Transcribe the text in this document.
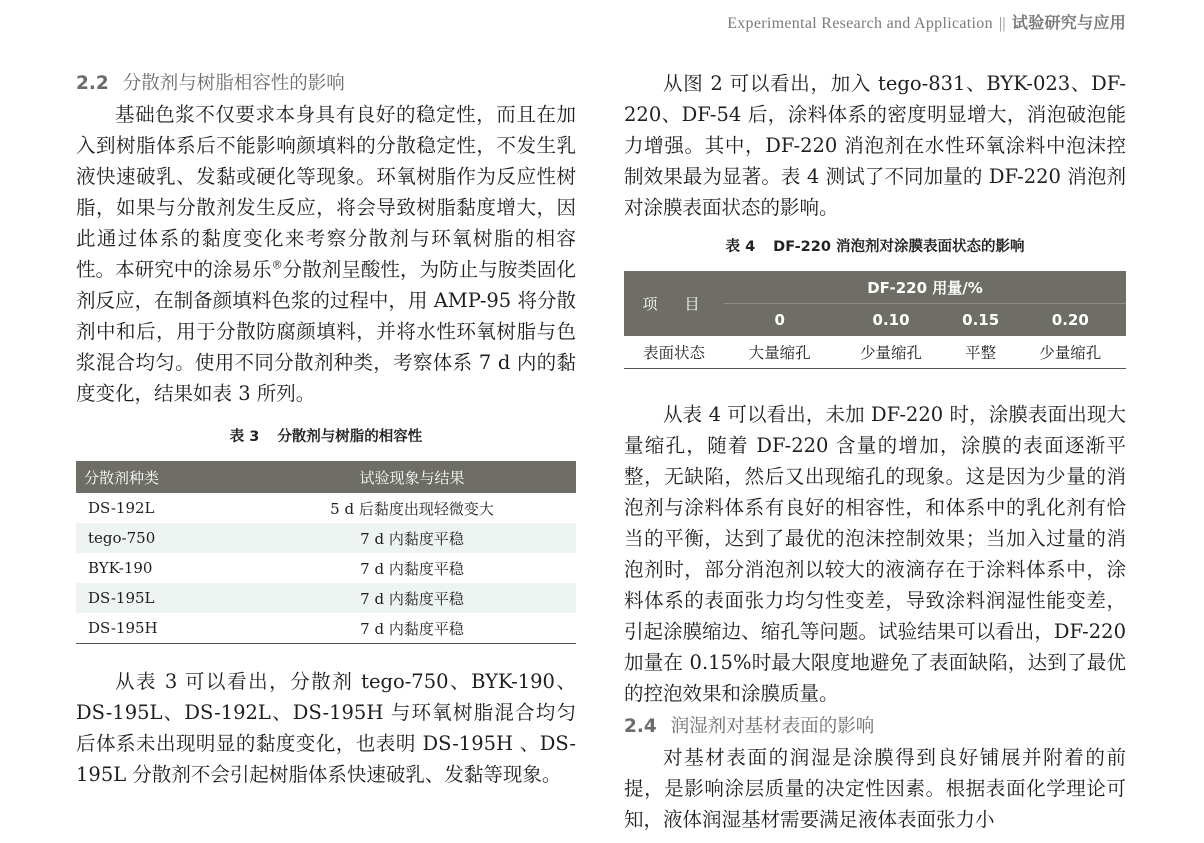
Experimental Research and Application || 试验研究与应用
2.2 分散剂与树脂相容性的影响

基础色浆不仅要求本身具有良好的稳定性，而且在加入到树脂体系后不能影响颜填料的分散稳定性，不发生乳液快速破乳、发黏或硬化等现象。环氧树脂作为反应性树脂，如果与分散剂发生反应，将会导致树脂黏度增大，因此通过体系的黏度变化来考察分散剂与环氧树脂的相容性。本研究中的涂易乐®分散剂呈酸性，为防止与胺类固化剂反应，在制备颜填料色浆的过程中，用 AMP-95 将分散剂中和后，用于分散防腐颜填料，并将水性环氧树脂与色浆混合均匀。使用不同分散剂种类，考察体系 7 d 内的黏度变化，结果如表 3 所列。

表 3 分散剂与树脂的相容性

分散剂种类	试验现象与结果
DS-192L	5 d 后黏度出现轻微变大
tego-750	7 d 内黏度平稳
BYK-190	7 d 内黏度平稳
DS-195L	7 d 内黏度平稳
DS-195H	7 d 内黏度平稳

从表 3 可以看出，分散剂 tego-750、BYK-190、DS-195L、DS-192L、DS-195H 与环氧树脂混合均匀后体系未出现明显的黏度变化，也表明 DS-195H 、DS-195L 分散剂不会引起树脂体系快速破乳、发黏等现象。

从图 2 可以看出，加入 tego-831、BYK-023、DF-220、DF-54 后，涂料体系的密度明显增大，消泡破泡能力增强。其中，DF-220 消泡剂在水性环氧涂料中泡沫控制效果最为显著。表 4 测试了不同加量的 DF-220 消泡剂对涂膜表面状态的影响。

表 4 DF-220 消泡剂对涂膜表面状态的影响

项　目	DF-220 用量/%			
	0	0.10	0.15	0.20
表面状态	大量缩孔	少量缩孔	平整	少量缩孔

从表 4 可以看出，未加 DF-220 时，涂膜表面出现大量缩孔，随着 DF-220 含量的增加，涂膜的表面逐渐平整，无缺陷，然后又出现缩孔的现象。这是因为少量的消泡剂与涂料体系有良好的相容性，和体系中的乳化剂有恰当的平衡，达到了最优的泡沫控制效果；当加入过量的消泡剂时，部分消泡剂以较大的液滴存在于涂料体系中，涂料体系的表面张力均匀性变差，导致涂料润湿性能变差，引起涂膜缩边、缩孔等问题。试验结果可以看出，DF-220 加量在 0.15%时最大限度地避免了表面缺陷，达到了最优的控泡效果和涂膜质量。

2.4 润湿剂对基材表面的影响

对基材表面的润湿是涂膜得到良好铺展并附着的前提，是影响涂层质量的决定性因素。根据表面化学理论可知，液体润湿基材需要满足液体表面张力小
